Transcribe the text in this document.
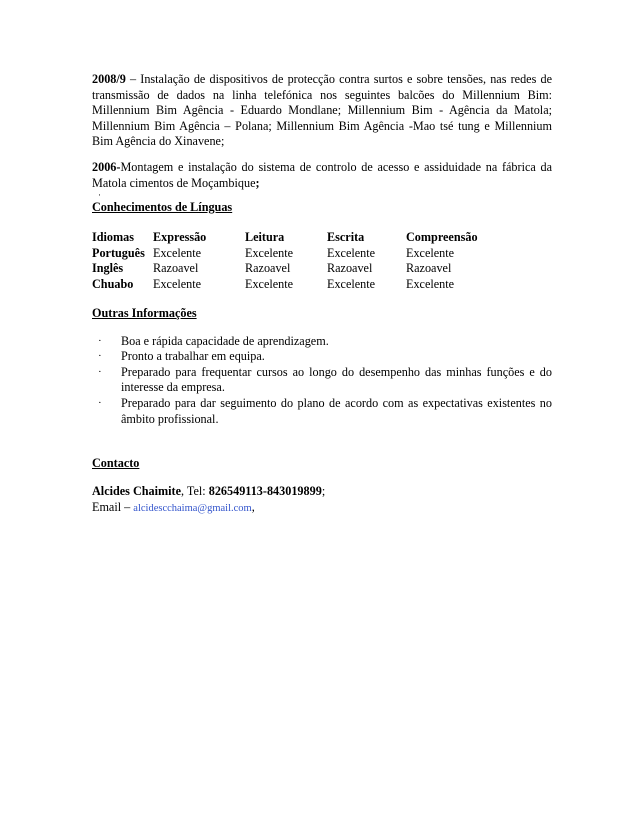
2008/9 – Instalação de dispositivos de protecção contra surtos e sobre tensões, nas redes de transmissão de dados na linha telefónica nos seguintes balcões do Millennium Bim: Millennium Bim Agência - Eduardo Mondlane; Millennium Bim - Agência da Matola; Millennium Bim Agência – Polana; Millennium Bim Agência -Mao tsé tung e Millennium Bim Agência do Xinavene;

2006-Montagem e instalação do sistema de controlo de acesso e assiduidade na fábrica da Matola cimentos de Moçambique;

·

Conhecimentos de Línguas

Idiomas	Expressão	Leitura	Escrita	Compreensão
Português	Excelente	Excelente	Excelente	Excelente
Inglês	Razoavel	Razoavel	Razoavel	Razoavel
Chuabo	Excelente	Excelente	Excelente	Excelente

Outras Informações

· Boa e rápida capacidade de aprendizagem.
· Pronto a trabalhar em equipa.
· Preparado para frequentar cursos ao longo do desempenho das minhas funções e do interesse da empresa.
· Preparado para dar seguimento do plano de acordo com as expectativas existentes no âmbito profissional.

Contacto

Alcides Chaimite, Tel: 826549113-843019899;

Email – alcidescchaima@gmail.com,
